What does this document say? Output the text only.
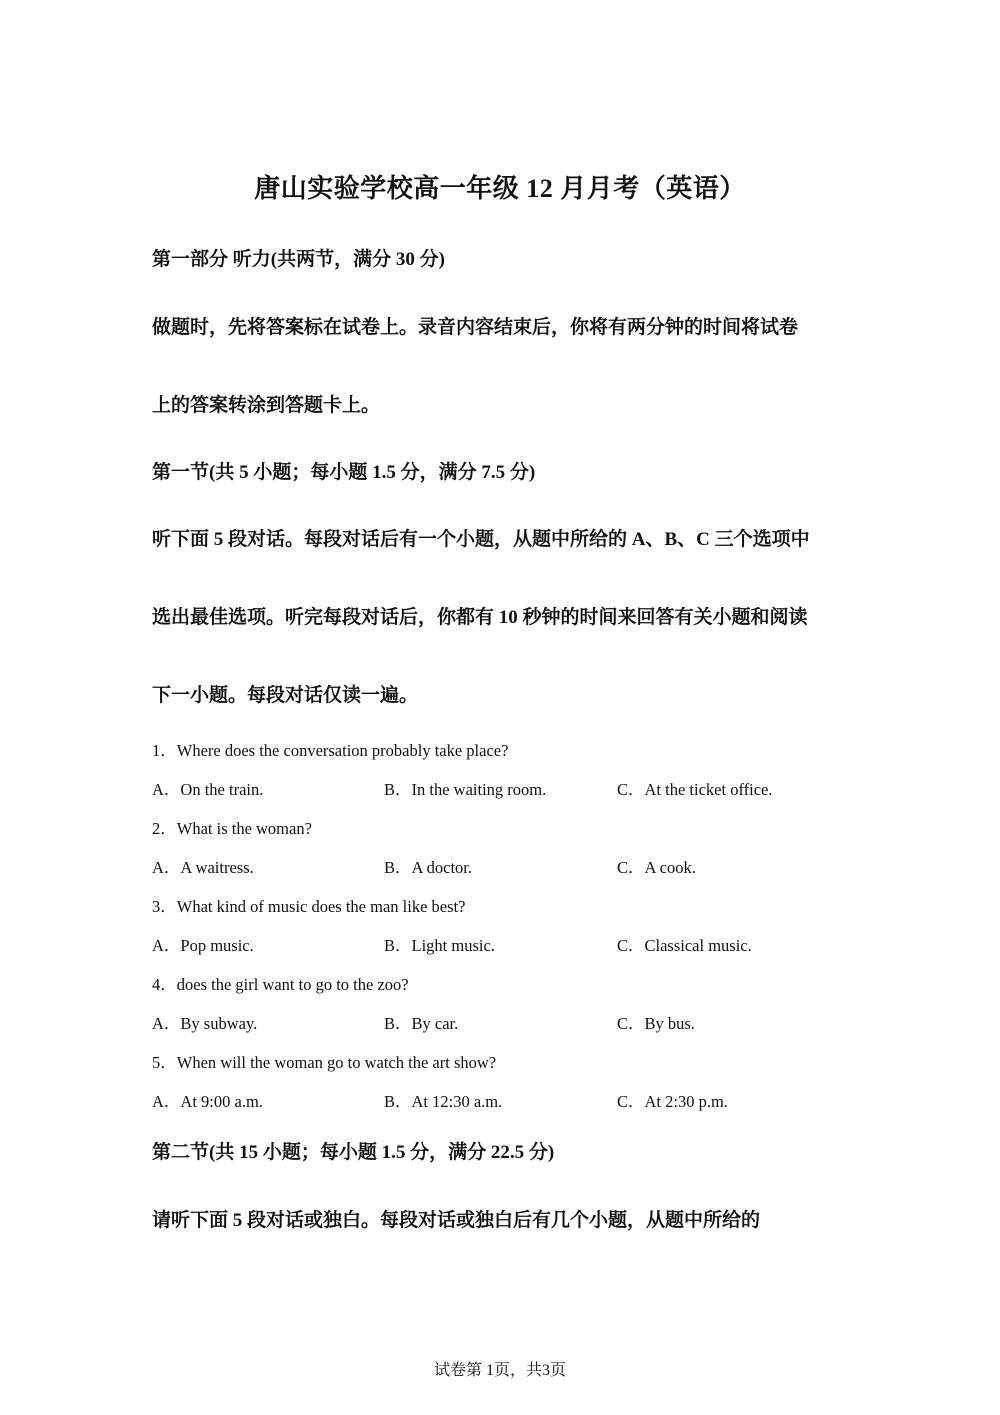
唐山实验学校高一年级 12 月月考（英语）
第一部分 听力(共两节，满分 30 分)
做题时，先将答案标在试卷上。录音内容结束后，你将有两分钟的时间将试卷
上的答案转涂到答题卡上。
第一节(共 5 小题；每小题 1.5 分，满分 7.5 分)
听下面 5 段对话。每段对话后有一个小题，从题中所给的 A、B、C 三个选项中
选出最佳选项。听完每段对话后，你都有 10 秒钟的时间来回答有关小题和阅读
下一小题。每段对话仅读一遍。
1．Where does the conversation probably take place?
A．On the train.	B．In the waiting room.	C．At the ticket office.
2．What is the woman?
A．A waitress.	B．A doctor.	C．A cook.
3．What kind of music does the man like best?
A．Pop music.	B．Light music.	C．Classical music.
4．does the girl want to go to the zoo?
A．By subway.	B．By car.	C．By bus.
5．When will the woman go to watch the art show?
A．At 9:00 a.m.	B．At 12:30 a.m.	C．At 2:30 p.m.
第二节(共 15 小题；每小题 1.5 分，满分 22.5 分)
请听下面 5 段对话或独白。每段对话或独白后有几个小题，从题中所给的
试卷第 1页，共3页
